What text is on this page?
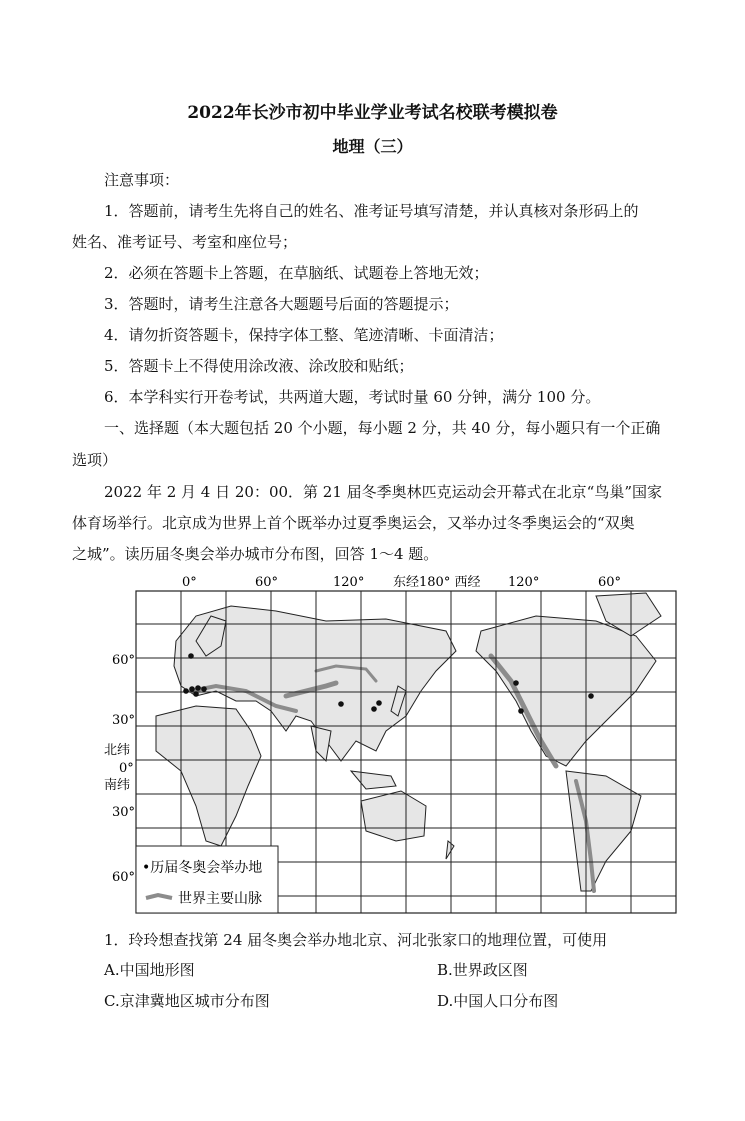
2022年长沙市初中毕业学业考试名校联考模拟卷
地理（三）
注意事项：
1．答题前，请考生先将自己的姓名、准考证号填写清楚，并认真核对条形码上的
姓名、准考证号、考室和座位号；
2．必须在答题卡上答题，在草脑纸、试题卷上答地无效；
3．答题时，请考生注意各大题题号后面的答题提示；
4．请勿折资答题卡，保持字体工整、笔迹清晰、卡面清洁；
5．答题卡上不得使用涂改液、涂改胶和贴纸；
6．本学科实行开卷考试，共两道大题，考试时量 60 分钟，满分 100 分。
一、选择题（本大题包括 20 个小题，每小题 2 分，共 40 分，每小题只有一个正确
选项）
2022 年 2 月 4 日 20：00．第 21 届冬季奥林匹克运动会开幕式在北京“鸟巢”国家
体育场举行。北京成为世界上首个既举办过夏季奥运会，又举办过冬季奥运会的“双奥
之城”。读历届冬奥会举办城市分布图，回答 1～4 题。
0°	60°	120° 东经180° 西经 120°	60°
60°
30°
北纬
0°
南纬
30°
60°
•历届冬奥会举办地
世界主要山脉
1．玲玲想查找第 24 届冬奥会举办地北京、河北张家口的地理位置，可使用
A.中国地形图	B.世界政区图
C.京津冀地区城市分布图	D.中国人口分布图
